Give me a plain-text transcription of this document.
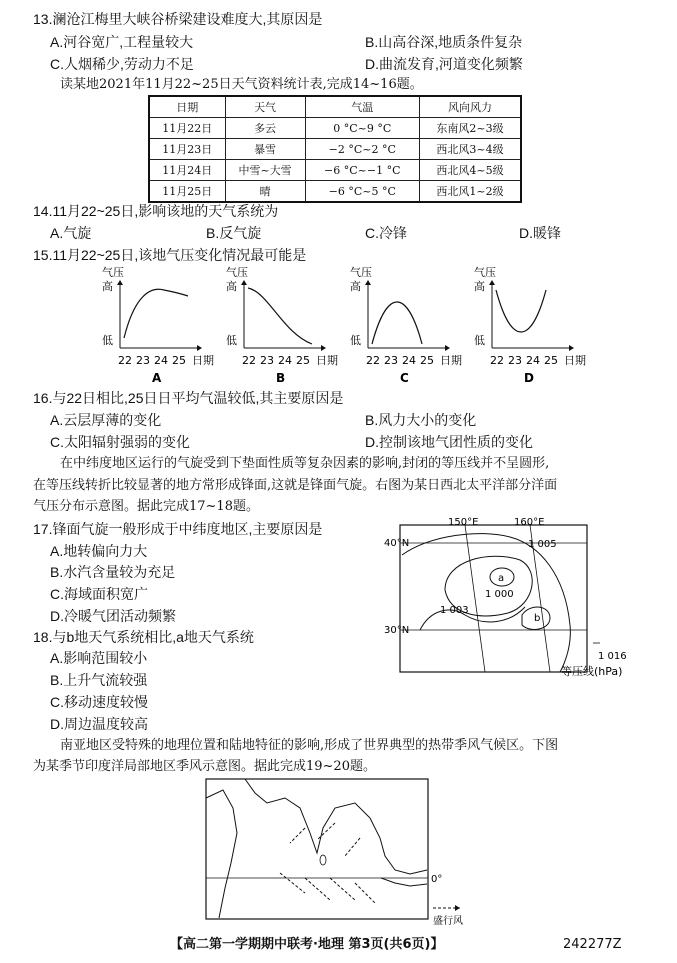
13.澜沧江梅里大峡谷桥梁建设难度大,其原因是
A.河谷宽广,工程量较大	B.山高谷深,地质条件复杂
C.人烟稀少,劳动力不足	D.曲流发育,河道变化频繁
读某地2021年11月22~25日天气资料统计表,完成14~16题。
日期	天气	气温	风向风力
11月22日	多云	0 °C~9 °C	东南风2~3级
11月23日	暴雪	−2 °C~2 °C	西北风3~4级
11月24日	中雪~大雪	−6 °C~−1 °C	西北风4~5级
11月25日	晴	−6 °C~5 °C	西北风1~2级
14.11月22~25日,影响该地的天气系统为
A.气旋	B.反气旋	C.冷锋	D.暖锋
15.11月22~25日,该地气压变化情况最可能是
气压
高
低
22 23 24 25 日期
A
气压
高
低
22 23 24 25 日期
B
气压
高
低
22 23 24 25 日期
C
气压
高
低
22 23 24 25 日期
D
16.与22日相比,25日日平均气温较低,其主要原因是
A.云层厚薄的变化	B.风力大小的变化
C.太阳辐射强弱的变化	D.控制该地气团性质的变化
在中纬度地区运行的气旋受到下垫面性质等复杂因素的影响,封闭的等压线并不呈圆形,
在等压线转折比较显著的地方常形成锋面,这就是锋面气旋。右图为某日西北太平洋部分洋面
气压分布示意图。据此完成17~18题。
17.锋面气旋一般形成于中纬度地区,主要原因是
A.地转偏向力大
B.水汽含量较为充足
C.海域面积宽广
D.冷暖气团活动频繁
18.与b地天气系统相比,a地天气系统
A.影响范围较小
B.上升气流较强
C.移动速度较慢
D.周边温度较高
150°E	160°E
40°N
30°N
1 005
1 000
1 003
a
b
1 016
等压线(hPa)
南亚地区受特殊的地理位置和陆地特征的影响,形成了世界典型的热带季风气候区。下图
为某季节印度洋局部地区季风示意图。据此完成19~20题。
0°
盛行风
【高二第一学期期中联考·地理 第3页(共6页)】	242277Z
